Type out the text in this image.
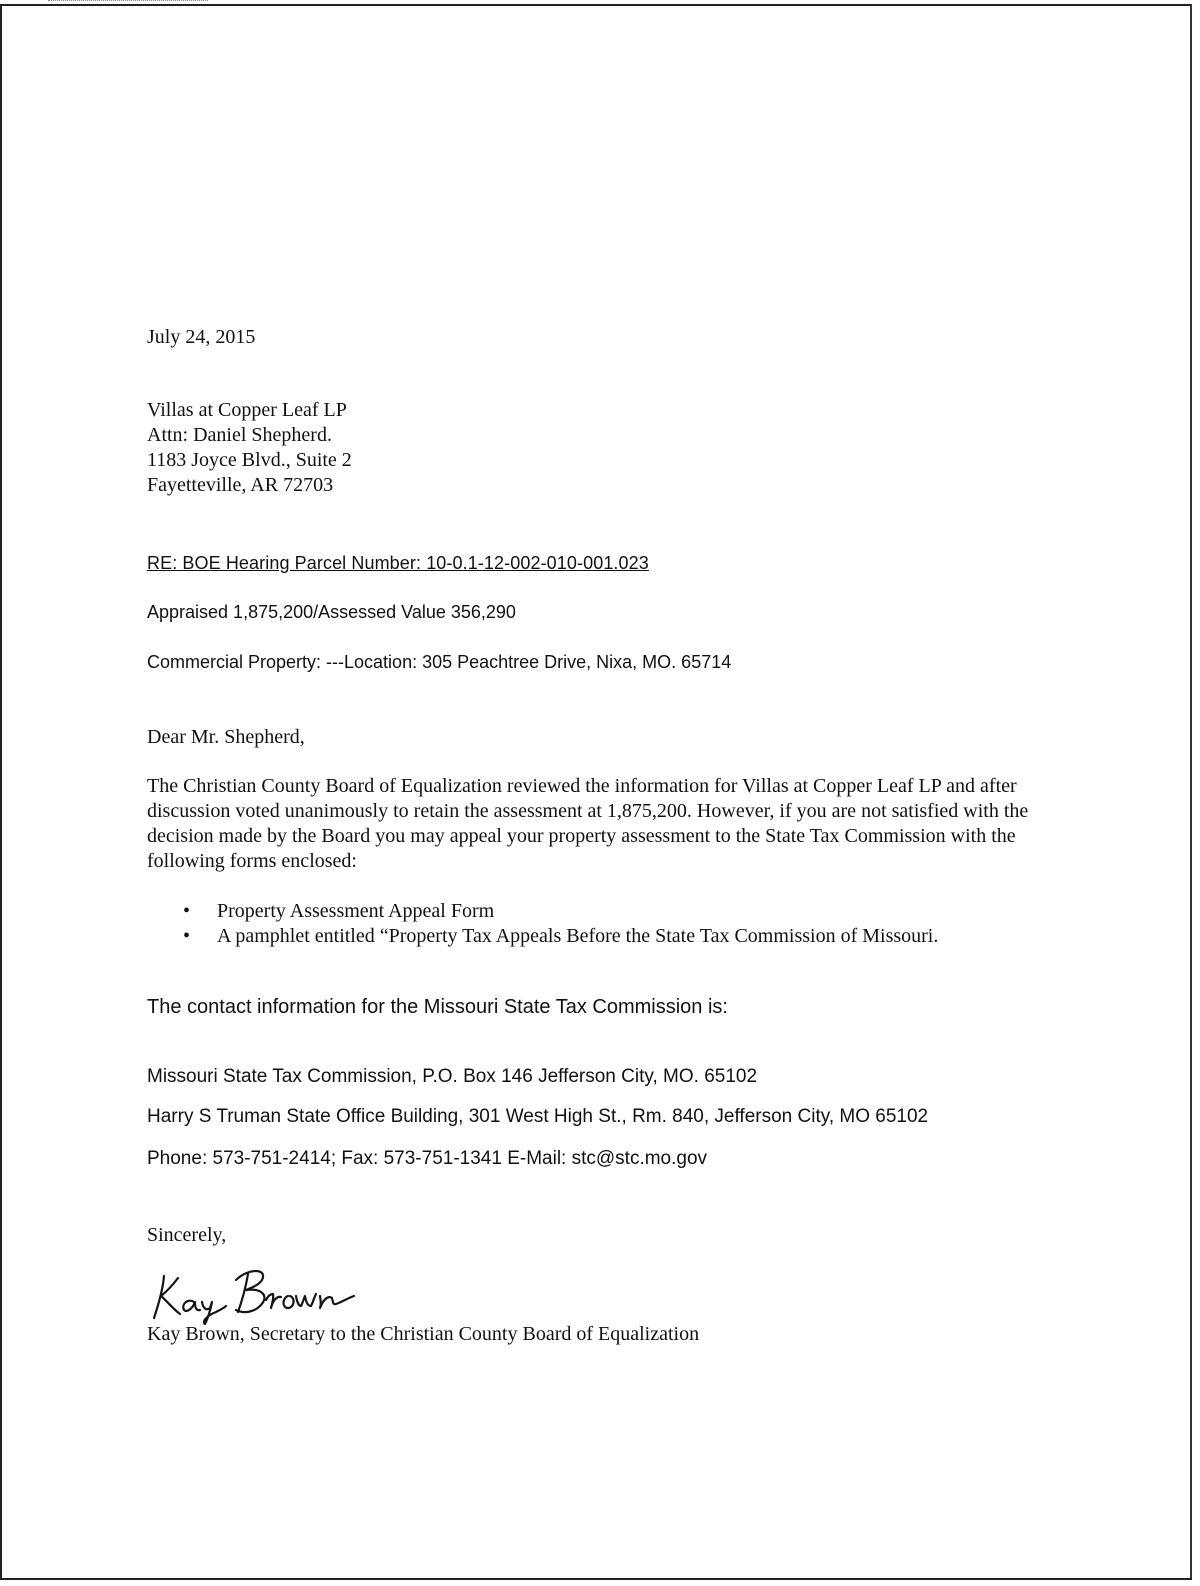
July 24, 2015
Villas at Copper Leaf LP
Attn: Daniel Shepherd.
1183 Joyce Blvd., Suite 2
Fayetteville, AR 72703
RE: BOE Hearing Parcel Number: 10-0.1-12-002-010-001.023
Appraised 1,875,200/Assessed Value 356,290
Commercial Property: ---Location: 305 Peachtree Drive, Nixa, MO. 65714
Dear Mr. Shepherd,
The Christian County Board of Equalization reviewed the information for Villas at Copper Leaf LP and after discussion voted unanimously to retain the assessment at 1,875,200. However, if you are not satisfied with the decision made by the Board you may appeal your property assessment to the State Tax Commission with the following forms enclosed:
• Property Assessment Appeal Form
• A pamphlet entitled “Property Tax Appeals Before the State Tax Commission of Missouri.
The contact information for the Missouri State Tax Commission is:
Missouri State Tax Commission, P.O. Box 146 Jefferson City, MO. 65102
Harry S Truman State Office Building, 301 West High St., Rm. 840, Jefferson City, MO 65102
Phone: 573-751-2414; Fax: 573-751-1341 E-Mail: stc@stc.mo.gov
Sincerely,
Kay Brown, Secretary to the Christian County Board of Equalization
